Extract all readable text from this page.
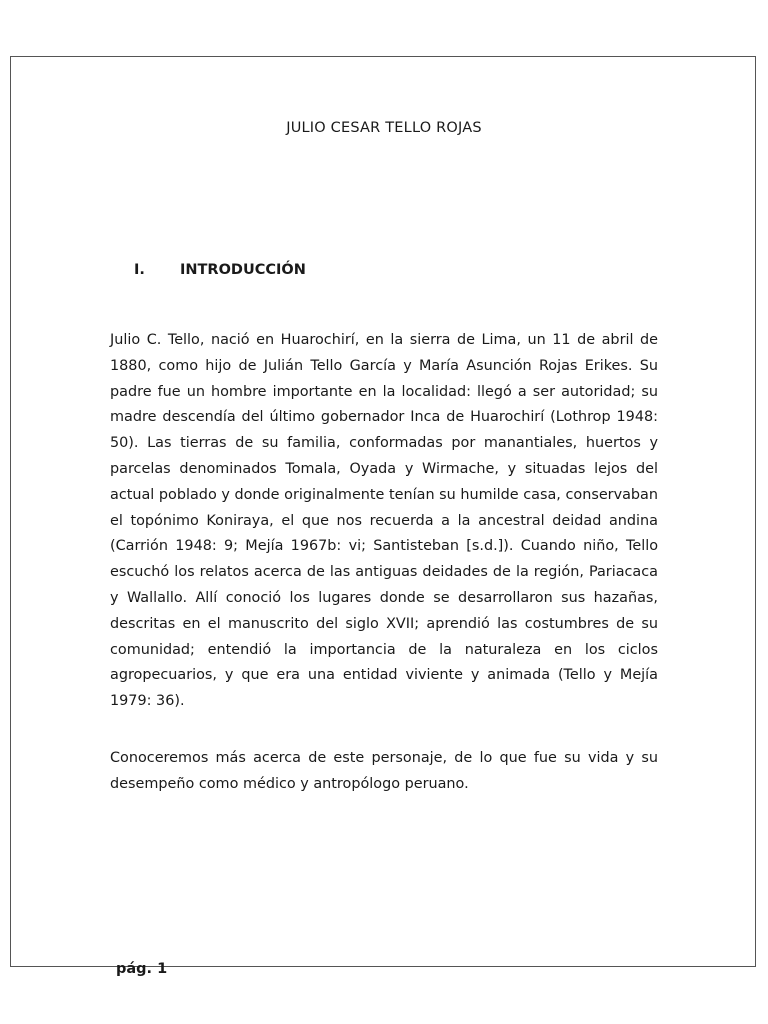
JULIO CESAR TELLO ROJAS
I. INTRODUCCIÓN

Julio C. Tello, nació en Huarochirí, en la sierra de Lima, un 11 de abril de 1880, como hijo de Julián Tello García y María Asunción Rojas Erikes. Su padre fue un hombre importante en la localidad: llegó a ser autoridad; su madre descendía del último gobernador Inca de Huarochirí (Lothrop 1948: 50). Las tierras de su familia, conformadas por manantiales, huertos y parcelas denominados Tomala, Oyada y Wirmache, y situadas lejos del actual poblado y donde originalmente tenían su humilde casa, conservaban el topónimo Koniraya, el que nos recuerda a la ancestral deidad andina (Carrión 1948: 9; Mejía 1967b: vi; Santisteban [s.d.]). Cuando niño, Tello escuchó los relatos acerca de las antiguas deidades de la región, Pariacaca y Wallallo. Allí conoció los lugares donde se desarrollaron sus hazañas, descritas en el manuscrito del siglo XVII; aprendió las costumbres de su comunidad; entendió la importancia de la naturaleza en los ciclos agropecuarios, y que era una entidad viviente y animada (Tello y Mejía 1979: 36).

Conoceremos más acerca de este personaje, de lo que fue su vida y su desempeño como médico y antropólogo peruano.

pág. 1
